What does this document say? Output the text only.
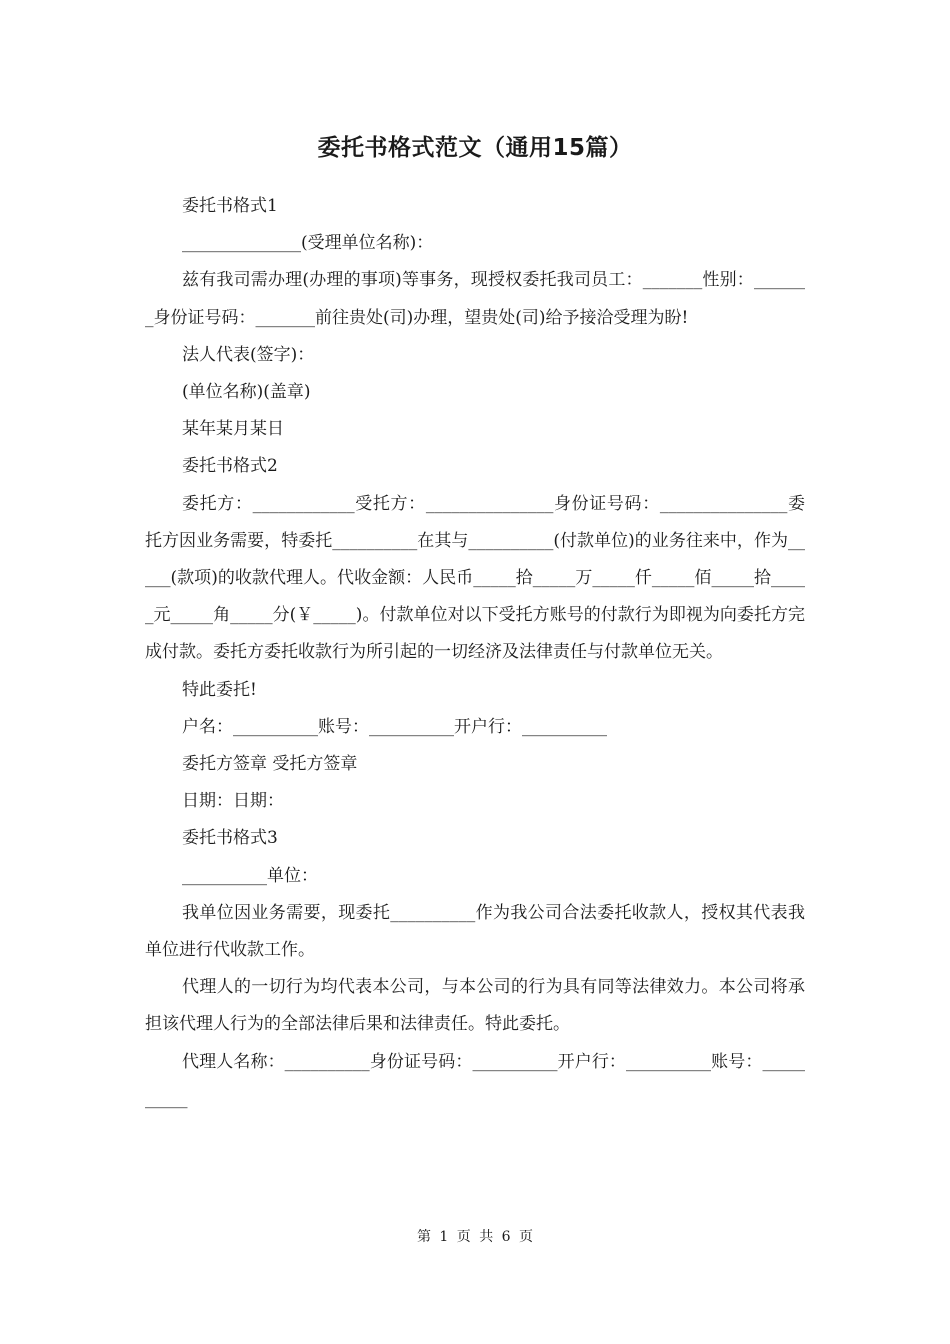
委托书格式范文（通用15篇）

委托书格式1

______________(受理单位名称)：

兹有我司需办理(办理的事项)等事务，现授权委托我司员工：_______性别：_______身份证号码：_______前往贵处(司)办理，望贵处(司)给予接洽受理为盼!

法人代表(签字)：

(单位名称)(盖章)

某年某月某日

委托书格式2

委托方：____________受托方：_______________身份证号码：_______________委托方因业务需要，特委托__________在其与__________(付款单位)的业务往来中，作为_____(款项)的收款代理人。代收金额：人民币_____拾_____万_____仟_____佰_____拾_____元_____角_____分(￥_____)。付款单位对以下受托方账号的付款行为即视为向委托方完成付款。委托方委托收款行为所引起的一切经济及法律责任与付款单位无关。

特此委托!

户名：__________账号：__________开户行：__________

委托方签章 受托方签章

日期：日期：

委托书格式3

__________单位：

我单位因业务需要，现委托__________作为我公司合法委托收款人，授权其代表我单位进行代收款工作。

代理人的一切行为均代表本公司，与本公司的行为具有同等法律效力。本公司将承担该代理人行为的全部法律后果和法律责任。特此委托。

代理人名称：__________身份证号码：__________开户行：__________账号：__________

第 1 页 共 6 页
